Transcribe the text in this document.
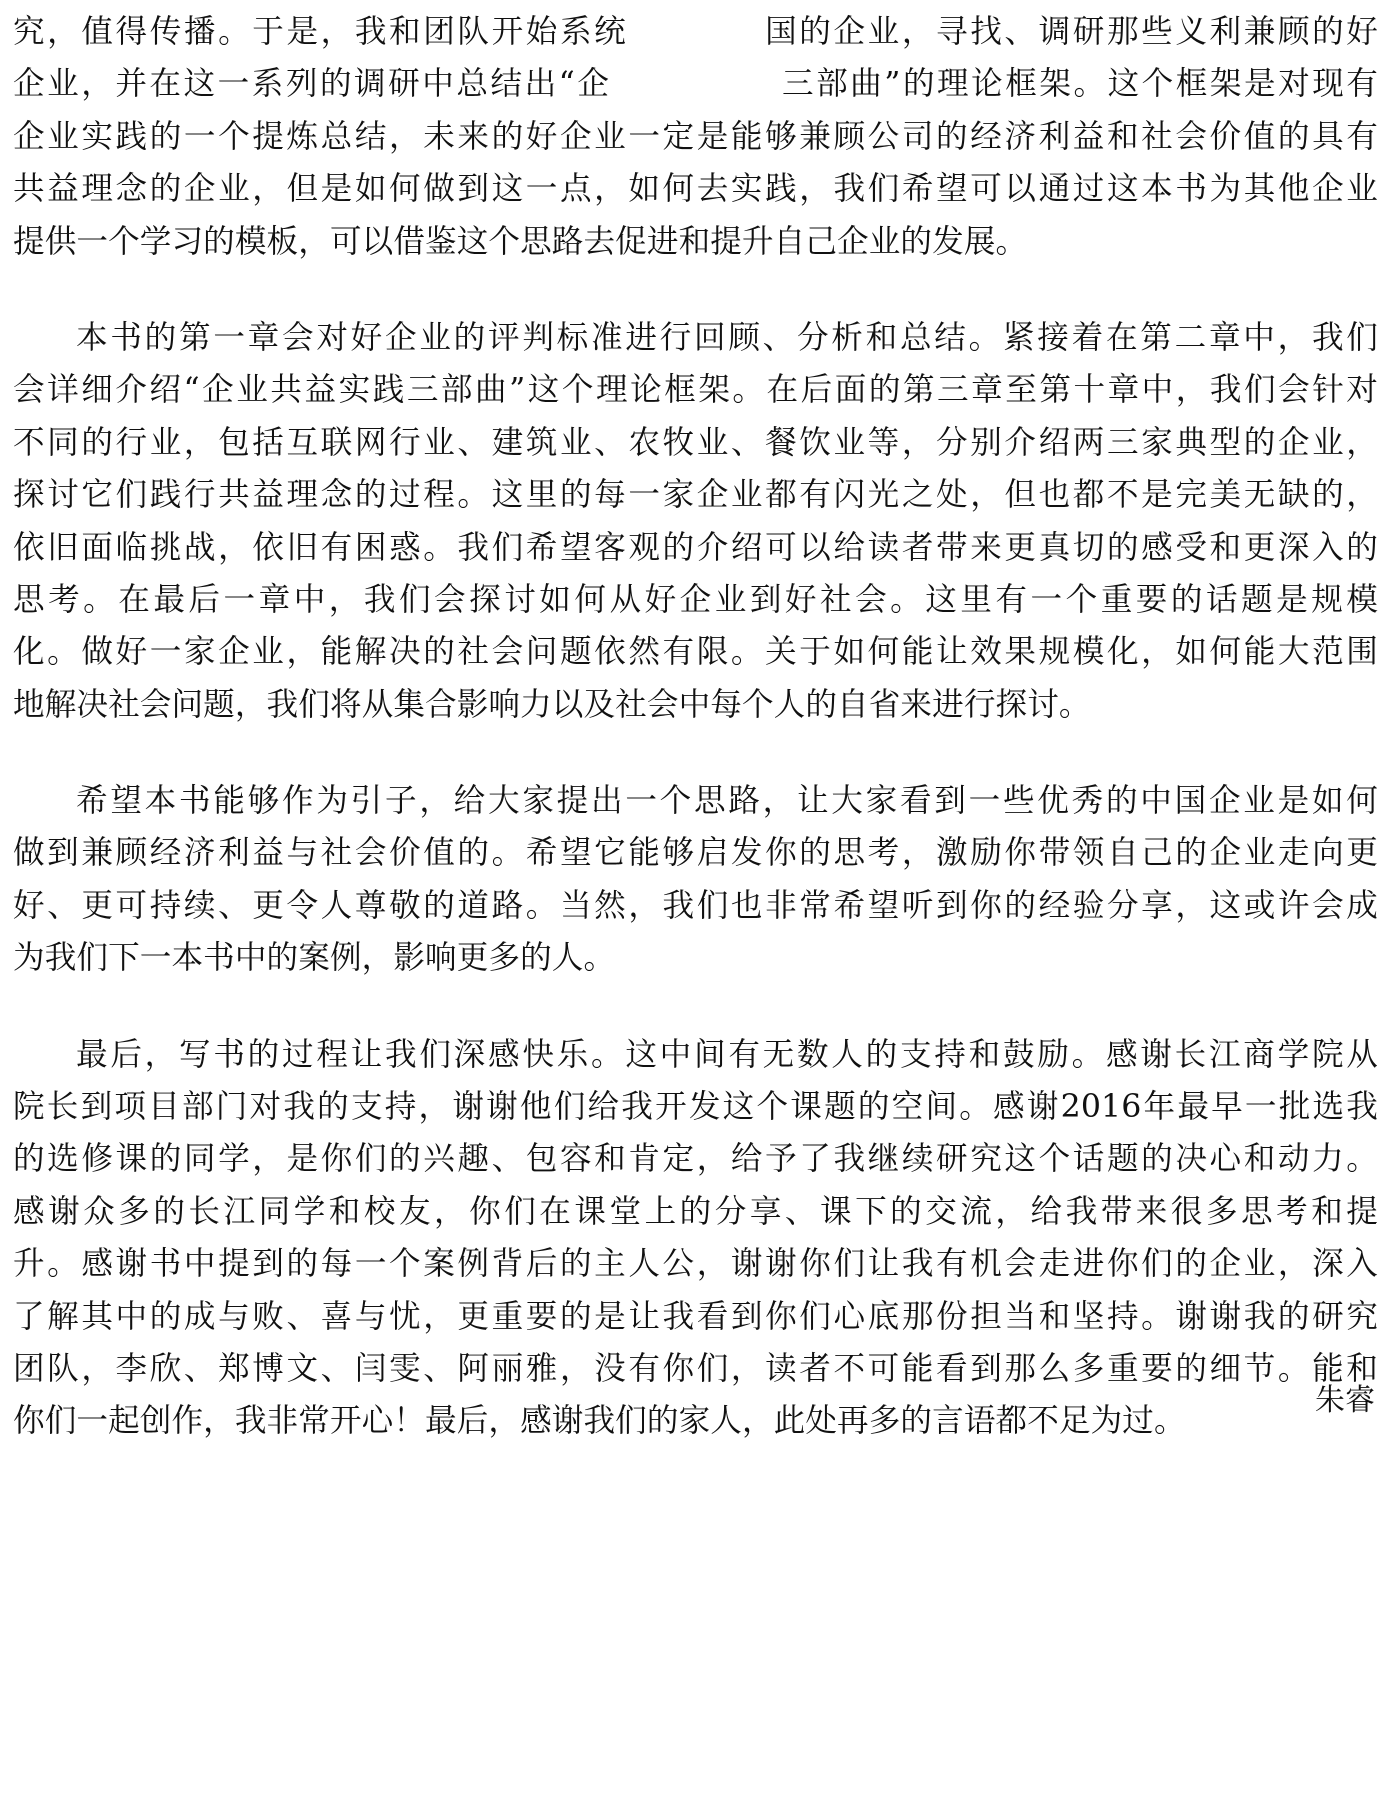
究，值得传播。于是，我和团队开始系统　　　　国的企业，寻找、调研那些义利兼顾的好
企业，并在这一系列的调研中总结出“企　　　　　三部曲”的理论框架。这个框架是对现有
企业实践的一个提炼总结，未来的好企业一定是能够兼顾公司的经济利益和社会价值的具有
共益理念的企业，但是如何做到这一点，如何去实践，我们希望可以通过这本书为其他企业
提供一个学习的模板，可以借鉴这个思路去促进和提升自己企业的发展。
本书的第一章会对好企业的评判标准进行回顾、分析和总结。紧接着在第二章中，我们
会详细介绍“企业共益实践三部曲”这个理论框架。在后面的第三章至第十章中，我们会针对
不同的行业，包括互联网行业、建筑业、农牧业、餐饮业等，分别介绍两三家典型的企业，
探讨它们践行共益理念的过程。这里的每一家企业都有闪光之处，但也都不是完美无缺的，
依旧面临挑战，依旧有困惑。我们希望客观的介绍可以给读者带来更真切的感受和更深入的
思考。在最后一章中，我们会探讨如何从好企业到好社会。这里有一个重要的话题是规模
化。做好一家企业，能解决的社会问题依然有限。关于如何能让效果规模化，如何能大范围
地解决社会问题，我们将从集合影响力以及社会中每个人的自省来进行探讨。
希望本书能够作为引子，给大家提出一个思路，让大家看到一些优秀的中国企业是如何
做到兼顾经济利益与社会价值的。希望它能够启发你的思考，激励你带领自己的企业走向更
好、更可持续、更令人尊敬的道路。当然，我们也非常希望听到你的经验分享，这或许会成
为我们下一本书中的案例，影响更多的人。
最后，写书的过程让我们深感快乐。这中间有无数人的支持和鼓励。感谢长江商学院从
院长到项目部门对我的支持，谢谢他们给我开发这个课题的空间。感谢2016年最早一批选我
的选修课的同学，是你们的兴趣、包容和肯定，给予了我继续研究这个话题的决心和动力。
感谢众多的长江同学和校友，你们在课堂上的分享、课下的交流，给我带来很多思考和提
升。感谢书中提到的每一个案例背后的主人公，谢谢你们让我有机会走进你们的企业，深入
了解其中的成与败、喜与忧，更重要的是让我看到你们心底那份担当和坚持。谢谢我的研究
团队，李欣、郑博文、闫雯、阿丽雅，没有你们，读者不可能看到那么多重要的细节。能和
你们一起创作，我非常开心！最后，感谢我们的家人，此处再多的言语都不足为过。
朱睿
